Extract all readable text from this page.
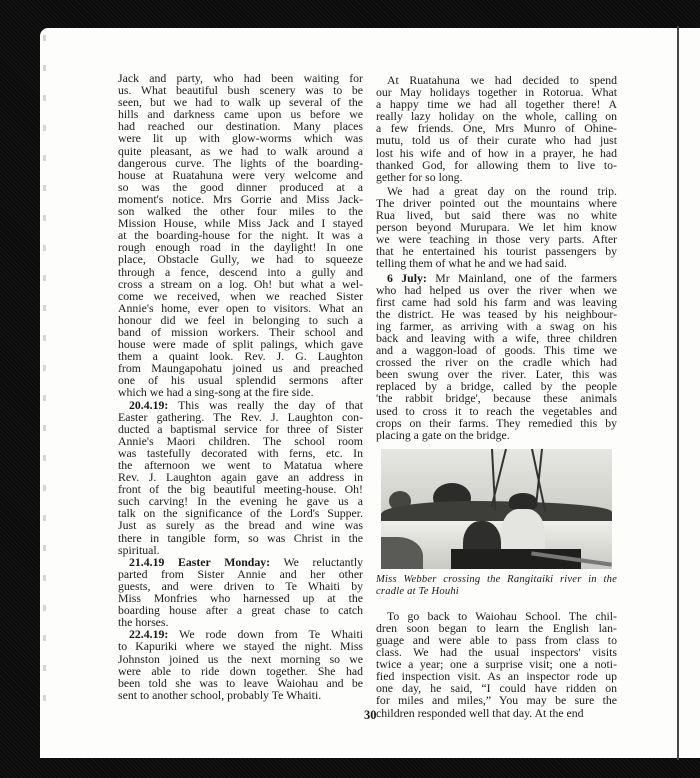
Jack and party, who had been waiting for
us. What beautiful bush scenery was to be
seen, but we had to walk up several of the
hills and darkness came upon us before we
had reached our destination. Many places
were lit up with glow-worms which was
quite pleasant, as we had to walk around a
dangerous curve. The lights of the boarding-
house at Ruatahuna were very welcome and
so was the good dinner produced at a
moment's notice. Mrs Gorrie and Miss Jack-
son walked the other four miles to the
Mission House, while Miss Jack and I stayed
at the boarding-house for the night. It was a
rough enough road in the daylight! In one
place, Obstacle Gully, we had to squeeze
through a fence, descend into a gully and
cross a stream on a log. Oh! but what a wel-
come we received, when we reached Sister
Annie's home, ever open to visitors. What an
honour did we feel in belonging to such a
band of mission workers. Their school and
house were made of split palings, which gave
them a quaint look. Rev. J. G. Laughton
from Maungapohatu joined us and preached
one of his usual splendid sermons after
which we had a sing-song at the fire side.
20.4.19: This was really the day of that
Easter gathering. The Rev. J. Laughton con-
ducted a baptismal service for three of Sister
Annie's Maori children. The school room
was tastefully decorated with ferns, etc. In
the afternoon we went to Matatua where
Rev. J. Laughton again gave an address in
front of the big beautiful meeting-house. Oh!
such carving! In the evening he gave us a
talk on the significance of the Lord's Supper.
Just as surely as the bread and wine was
there in tangible form, so was Christ in the
spiritual.
21.4.19 Easter Monday: We reluctantly
parted from Sister Annie and her other
guests, and were driven to Te Whaiti by
Miss Monfries who harnessed up at the
boarding house after a great chase to catch
the horses.
22.4.19: We rode down from Te Whaiti
to Kapuriki where we stayed the night. Miss
Johnston joined us the next morning so we
were able to ride down together. She had
been told she was to leave Waiohau and be
sent to another school, probably Te Whaiti.
At Ruatahuna we had decided to spend
our May holidays together in Rotorua. What
a happy time we had all together there! A
really lazy holiday on the whole, calling on
a few friends. One, Mrs Munro of Ohine-
mutu, told us of their curate who had just
lost his wife and of how in a prayer, he had
thanked God, for allowing them to live to-
gether for so long.
We had a great day on the round trip.
The driver pointed out the mountains where
Rua lived, but said there was no white
person beyond Murupara. We let him know
we were teaching in those very parts. After
that he entertained his tourist passengers by
telling them of what he and we had said.
6 July: Mr Mainland, one of the farmers
who had helped us over the river when we
first came had sold his farm and was leaving
the district. He was teased by his neighbour-
ing farmer, as arriving with a swag on his
back and leaving with a wife, three children
and a waggon-load of goods. This time we
crossed the river on the cradle which had
been swung over the river. Later, this was
replaced by a bridge, called by the people
'the rabbit bridge', because these animals
used to cross it to reach the vegetables and
crops on their farms. They remedied this by
placing a gate on the bridge.
Miss Webber crossing the Rangitaiki river in the
cradle at Te Houhi
To go back to Waiohau School. The chil-
dren soon began to learn the English lan-
guage and were able to pass from class to
class. We had the usual inspectors' visits
twice a year; one a surprise visit; one a noti-
fied inspection visit. As an inspector rode up
one day, he said, “I could have ridden on
for miles and miles,” You may be sure the
children responded well that day. At the end
30
